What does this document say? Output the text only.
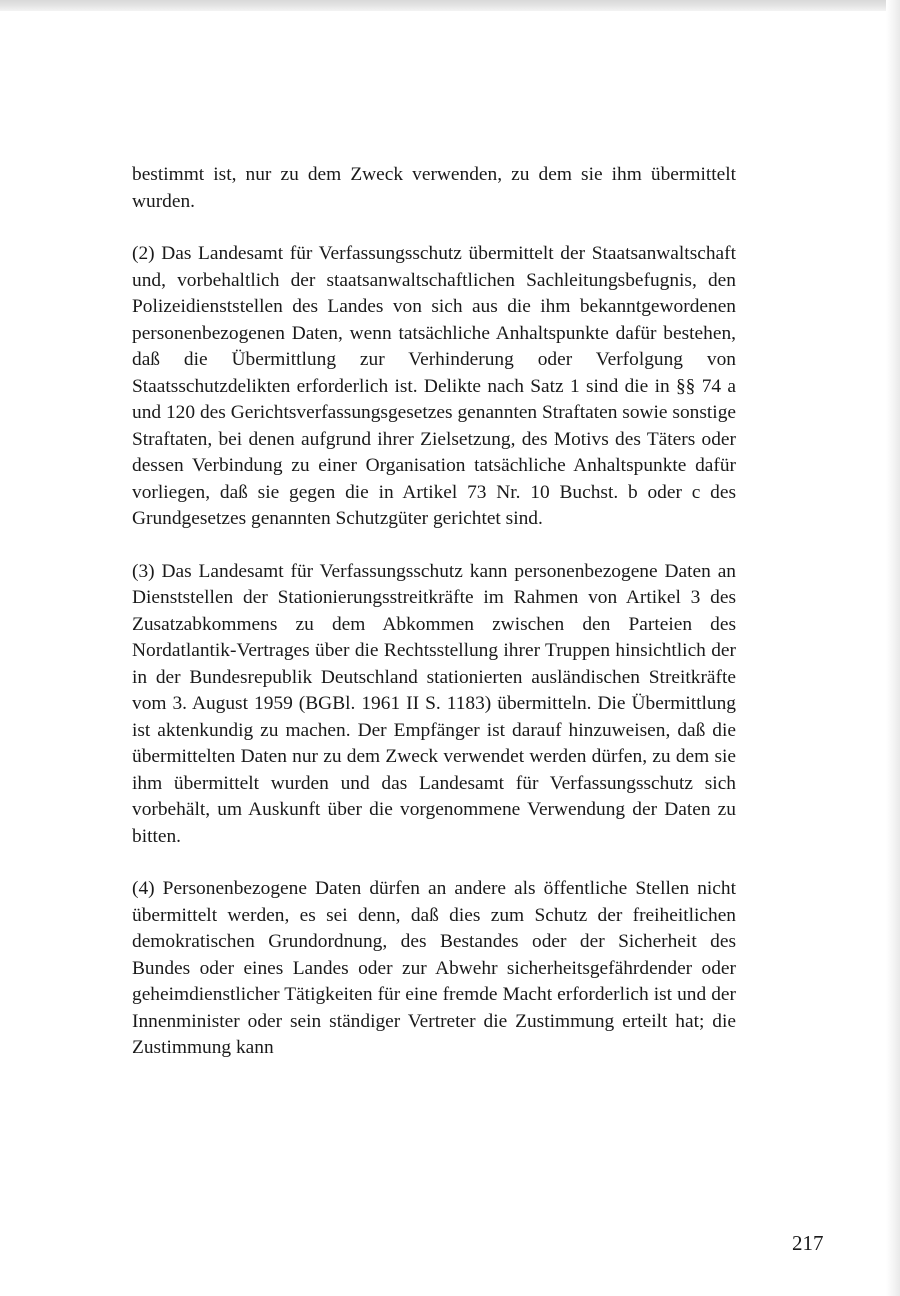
bestimmt ist, nur zu dem Zweck verwenden, zu dem sie ihm übermittelt wurden.

(2) Das Landesamt für Verfassungsschutz übermittelt der Staatsanwaltschaft und, vorbehaltlich der staatsanwaltschaftlichen Sachleitungsbefugnis, den Polizeidienststellen des Landes von sich aus die ihm bekanntgewordenen personenbezogenen Daten, wenn tatsächliche Anhaltspunkte dafür bestehen, daß die Übermittlung zur Verhinderung oder Verfolgung von Staatsschutzdelikten erforderlich ist. Delikte nach Satz 1 sind die in §§ 74 a und 120 des Gerichtsverfassungsgesetzes genannten Straftaten sowie sonstige Straftaten, bei denen aufgrund ihrer Zielsetzung, des Motivs des Täters oder dessen Verbindung zu einer Organisation tatsächliche Anhaltspunkte dafür vorliegen, daß sie gegen die in Artikel 73 Nr. 10 Buchst. b oder c des Grundgesetzes genannten Schutzgüter gerichtet sind.

(3) Das Landesamt für Verfassungsschutz kann personenbezogene Daten an Dienststellen der Stationierungsstreitkräfte im Rahmen von Artikel 3 des Zusatzabkommens zu dem Abkommen zwischen den Parteien des Nordatlantik-Vertrages über die Rechtsstellung ihrer Truppen hinsichtlich der in der Bundesrepublik Deutschland stationierten ausländischen Streitkräfte vom 3. August 1959 (BGBl. 1961 II S. 1183) übermitteln. Die Übermittlung ist aktenkundig zu machen. Der Empfänger ist darauf hinzuweisen, daß die übermittelten Daten nur zu dem Zweck verwendet werden dürfen, zu dem sie ihm übermittelt wurden und das Landesamt für Verfassungsschutz sich vorbehält, um Auskunft über die vorgenommene Verwendung der Daten zu bitten.

(4) Personenbezogene Daten dürfen an andere als öffentliche Stellen nicht übermittelt werden, es sei denn, daß dies zum Schutz der freiheitlichen demokratischen Grundordnung, des Bestandes oder der Sicherheit des Bundes oder eines Landes oder zur Abwehr sicherheitsgefährdender oder geheimdienstlicher Tätigkeiten für eine fremde Macht erforderlich ist und der Innenminister oder sein ständiger Vertreter die Zustimmung erteilt hat; die Zustimmung kann

217
